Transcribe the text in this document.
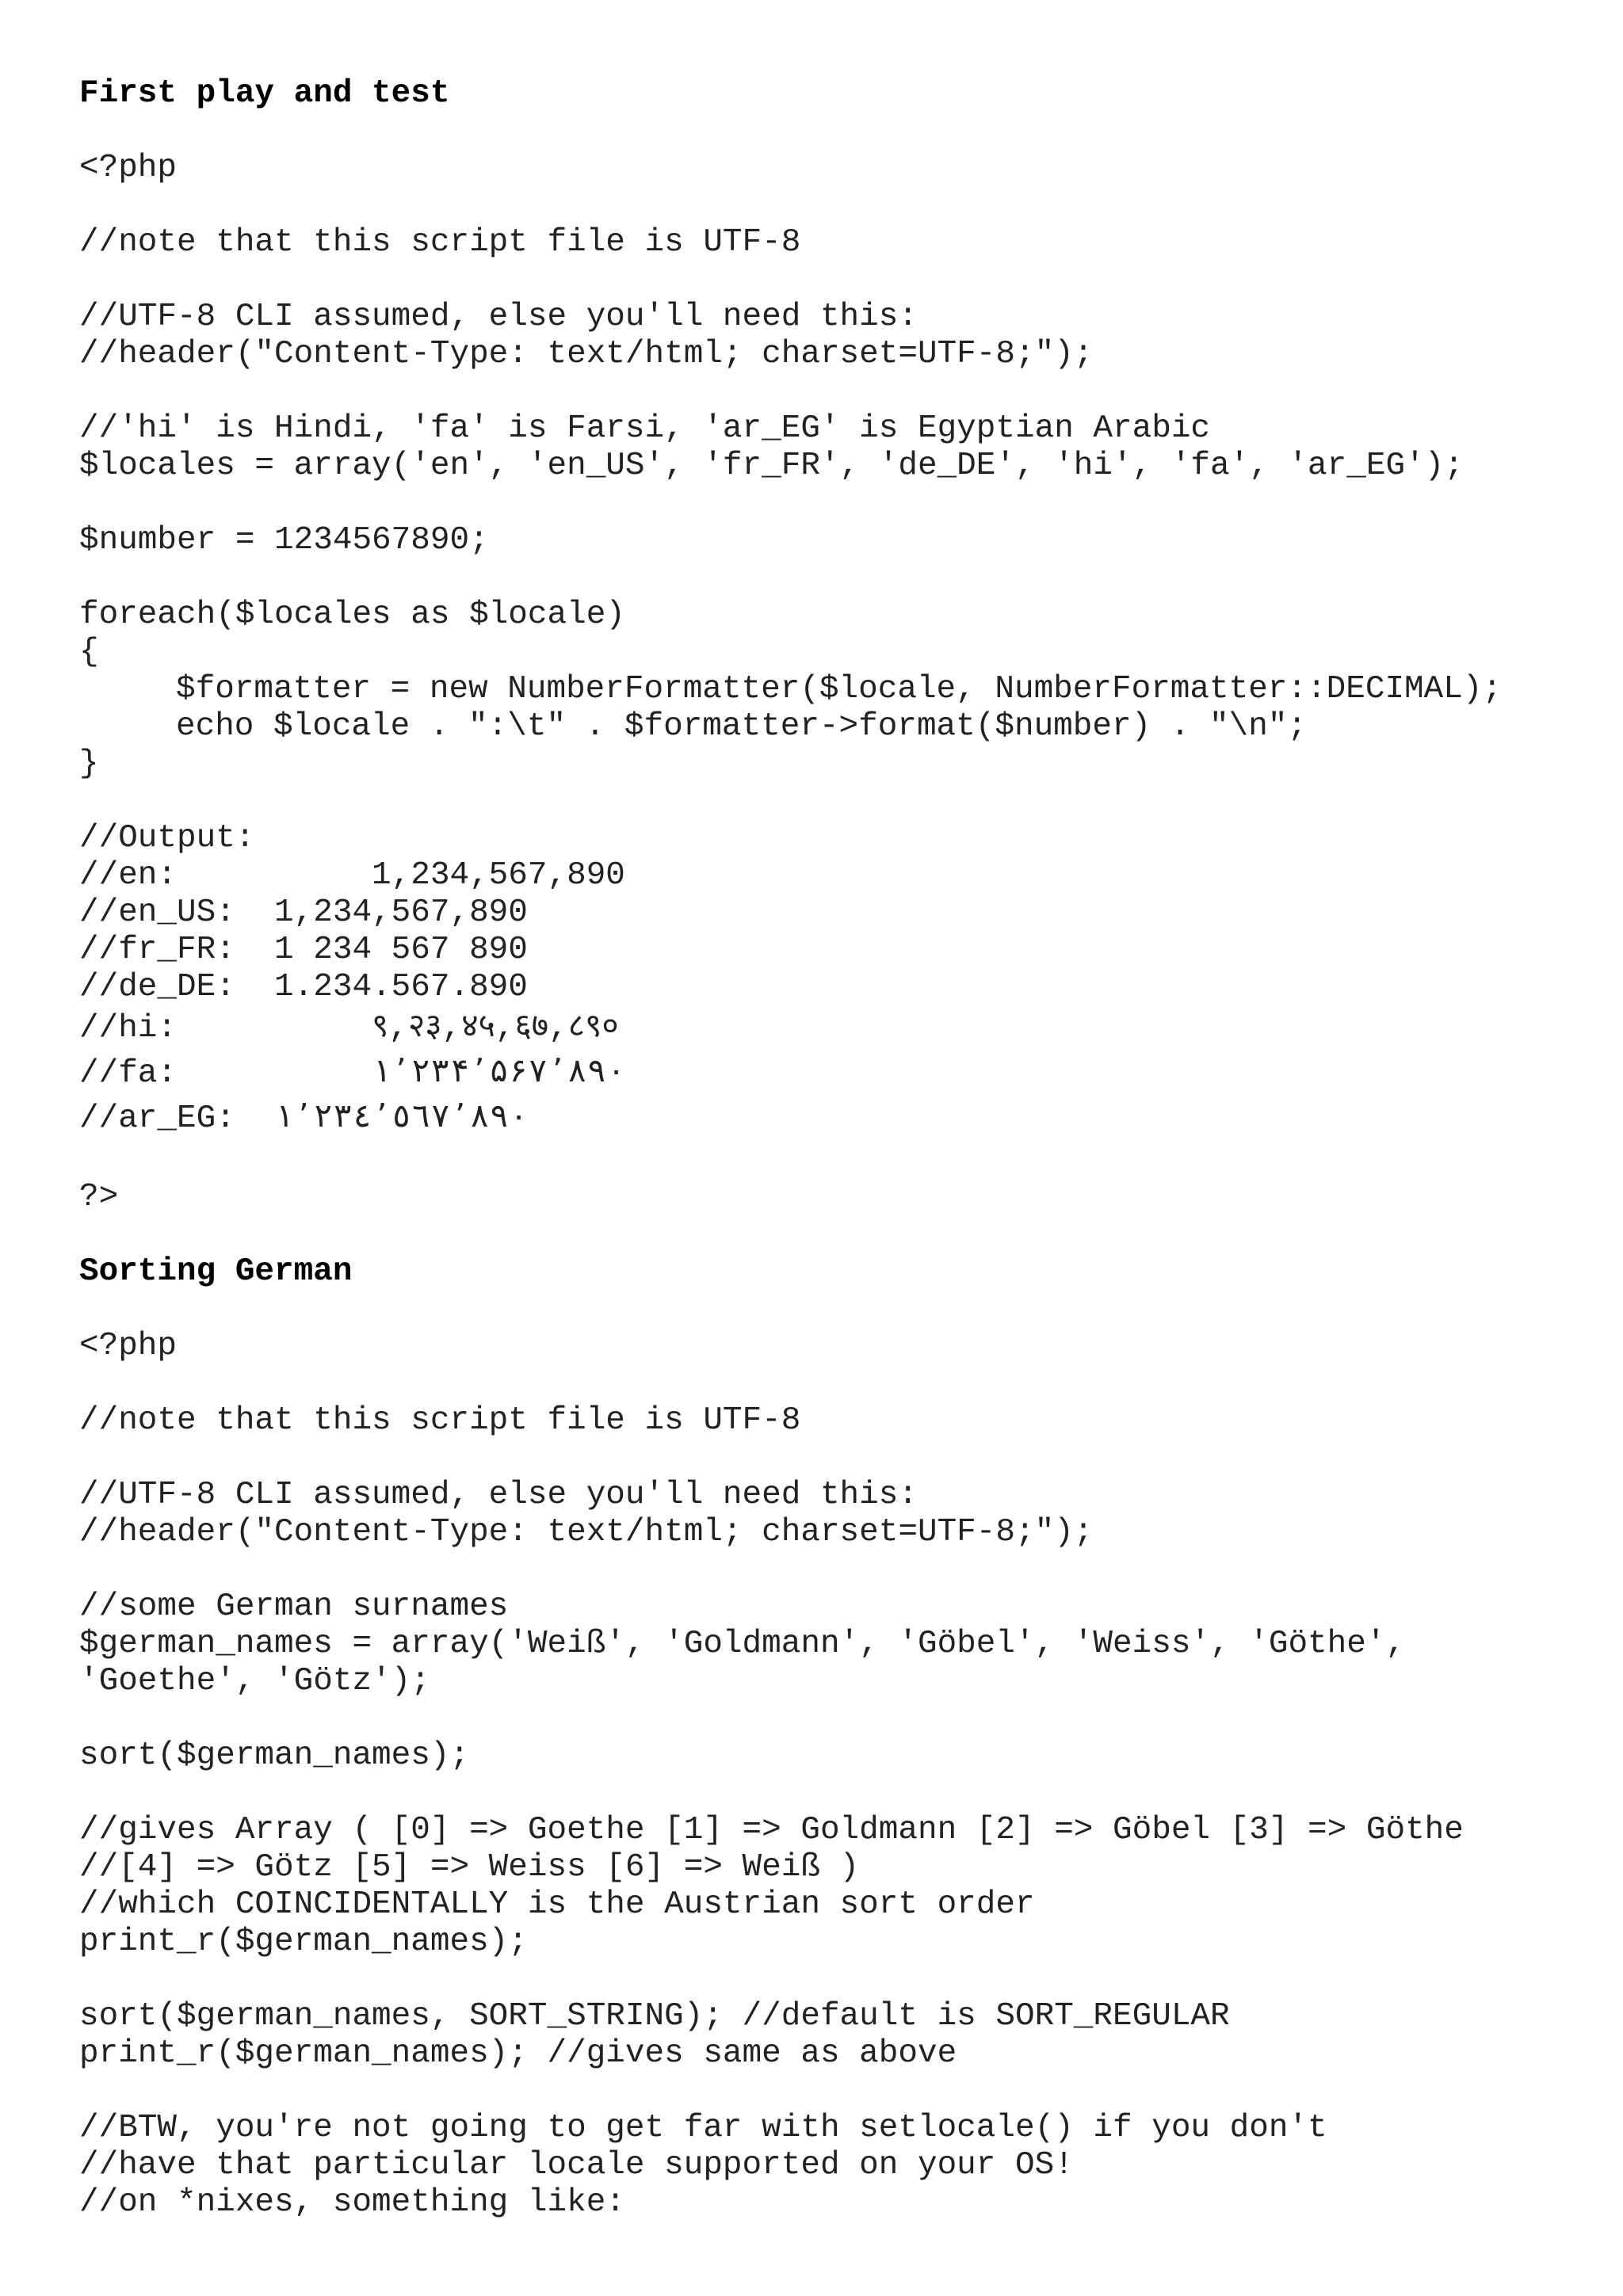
First play and test
<?php
//note that this script file is UTF-8
//UTF-8 CLI assumed, else you'll need this:
//header("Content-Type: text/html; charset=UTF-8;");
//'hi' is Hindi, 'fa' is Farsi, 'ar_EG' is Egyptian Arabic
$locales = array('en', 'en_US', 'fr_FR', 'de_DE', 'hi', 'fa', 'ar_EG');
$number = 1234567890;
foreach($locales as $locale)
{
$formatter = new NumberFormatter($locale, NumberFormatter::DECIMAL);
echo $locale . ":\t" . $formatter->format($number) . "\n";
}
//Output:
//en:          1,234,567,890
//en_US:  1,234,567,890
//fr_FR:  1 234 567 890
//de_DE:  1.234.567.890
//hi:          ९,२३,४५,६७,८९०
//fa:          ۱٬۲۳۴٬۵۶۷٬۸۹۰
//ar_EG:  ١٬٢٣٤٬٥٦٧٬٨٩٠
?>
Sorting German
<?php
//note that this script file is UTF-8
//UTF-8 CLI assumed, else you'll need this:
//header("Content-Type: text/html; charset=UTF-8;");
//some German surnames
$german_names = array('Weiß', 'Goldmann', 'Göbel', 'Weiss', 'Göthe',
'Goethe', 'Götz');
sort($german_names);
//gives Array ( [0] => Goethe [1] => Goldmann [2] => Göbel [3] => Göthe
//[4] => Götz [5] => Weiss [6] => Weiß )
//which COINCIDENTALLY is the Austrian sort order
print_r($german_names);
sort($german_names, SORT_STRING); //default is SORT_REGULAR
print_r($german_names); //gives same as above
//BTW, you're not going to get far with setlocale() if you don't
//have that particular locale supported on your OS!
//on *nixes, something like:
